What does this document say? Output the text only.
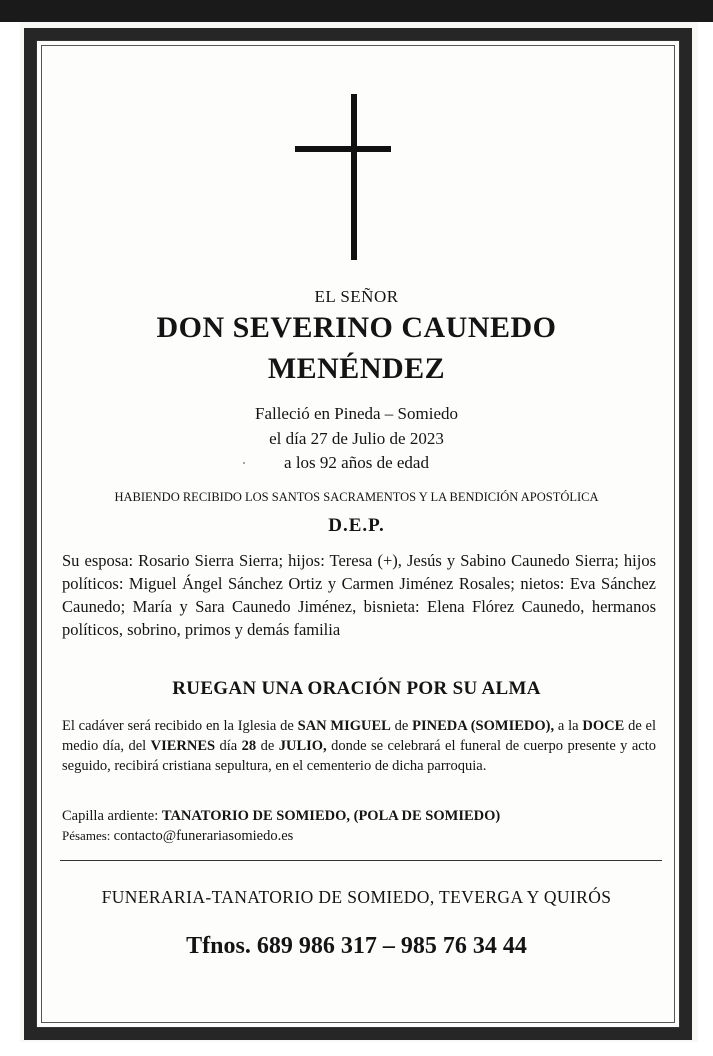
EL SEÑOR
DON SEVERINO CAUNEDO
MENÉNDEZ
Falleció en Pineda – Somiedo
el día 27 de Julio de 2023
a los 92 años de edad
HABIENDO RECIBIDO LOS SANTOS SACRAMENTOS Y LA BENDICIÓN APOSTÓLICA
D.E.P.
Su esposa: Rosario Sierra Sierra; hijos: Teresa (+), Jesús y Sabino Caunedo Sierra; hijos políticos: Miguel Ángel Sánchez Ortiz y Carmen Jiménez Rosales; nietos: Eva Sánchez Caunedo; María y Sara Caunedo Jiménez, bisnieta: Elena Flórez Caunedo, hermanos políticos, sobrino, primos y demás familia
RUEGAN UNA ORACIÓN POR SU ALMA
El cadáver será recibido en la Iglesia de SAN MIGUEL de PINEDA (SOMIEDO), a la DOCE de el medio día, del VIERNES día 28 de JULIO, donde se celebrará el funeral de cuerpo presente y acto seguido, recibirá cristiana sepultura, en el cementerio de dicha parroquia.
Capilla ardiente: TANATORIO DE SOMIEDO, (POLA DE SOMIEDO)
Pésames: contacto@funerariasomiedo.es
FUNERARIA-TANATORIO DE SOMIEDO, TEVERGA Y QUIRÓS
Tfnos. 689 986 317 – 985 76 34 44
